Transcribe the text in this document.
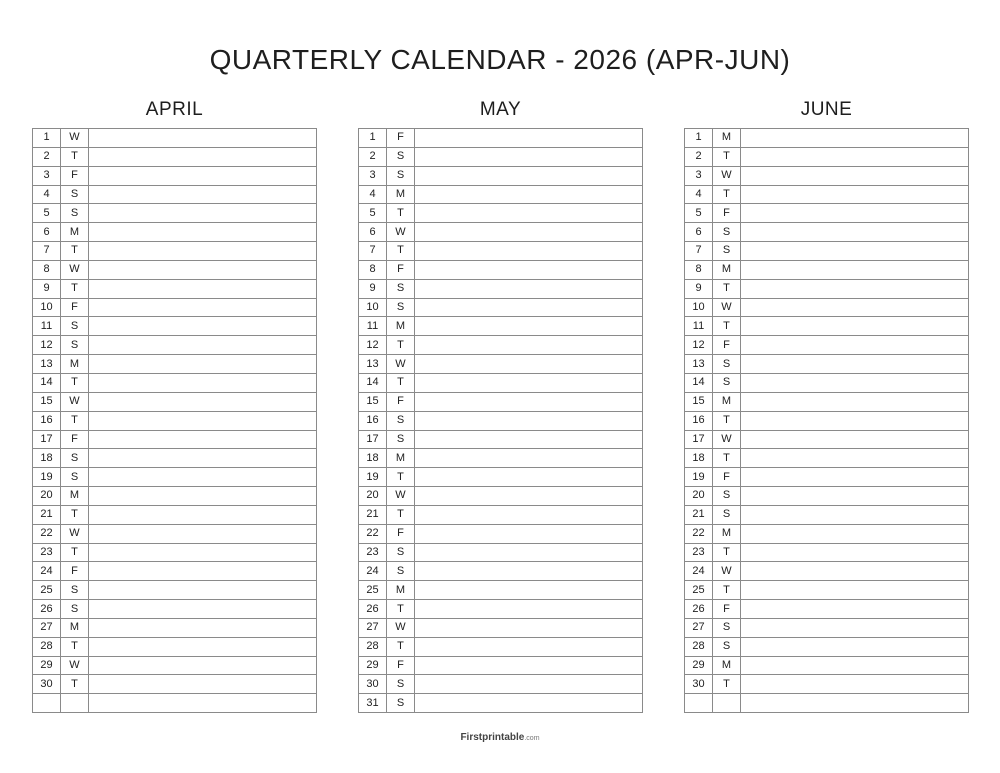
QUARTERLY CALENDAR - 2026 (APR-JUN)
APRIL
1	W	
2	T	
3	F	
4	S	
5	S	
6	M	
7	T	
8	W	
9	T	
10	F	
11	S	
12	S	
13	M	
14	T	
15	W	
16	T	
17	F	
18	S	
19	S	
20	M	
21	T	
22	W	
23	T	
24	F	
25	S	
26	S	
27	M	
28	T	
29	W	
30	T	

MAY
1	F	
2	S	
3	S	
4	M	
5	T	
6	W	
7	T	
8	F	
9	S	
10	S	
11	M	
12	T	
13	W	
14	T	
15	F	
16	S	
17	S	
18	M	
19	T	
20	W	
21	T	
22	F	
23	S	
24	S	
25	M	
26	T	
27	W	
28	T	
29	F	
30	S	
31	S	
JUNE
1	M	
2	T	
3	W	
4	T	
5	F	
6	S	
7	S	
8	M	
9	T	
10	W	
11	T	
12	F	
13	S	
14	S	
15	M	
16	T	
17	W	
18	T	
19	F	
20	S	
21	S	
22	M	
23	T	
24	W	
25	T	
26	F	
27	S	
28	S	
29	M	
30	T	

Firstprintable.com
